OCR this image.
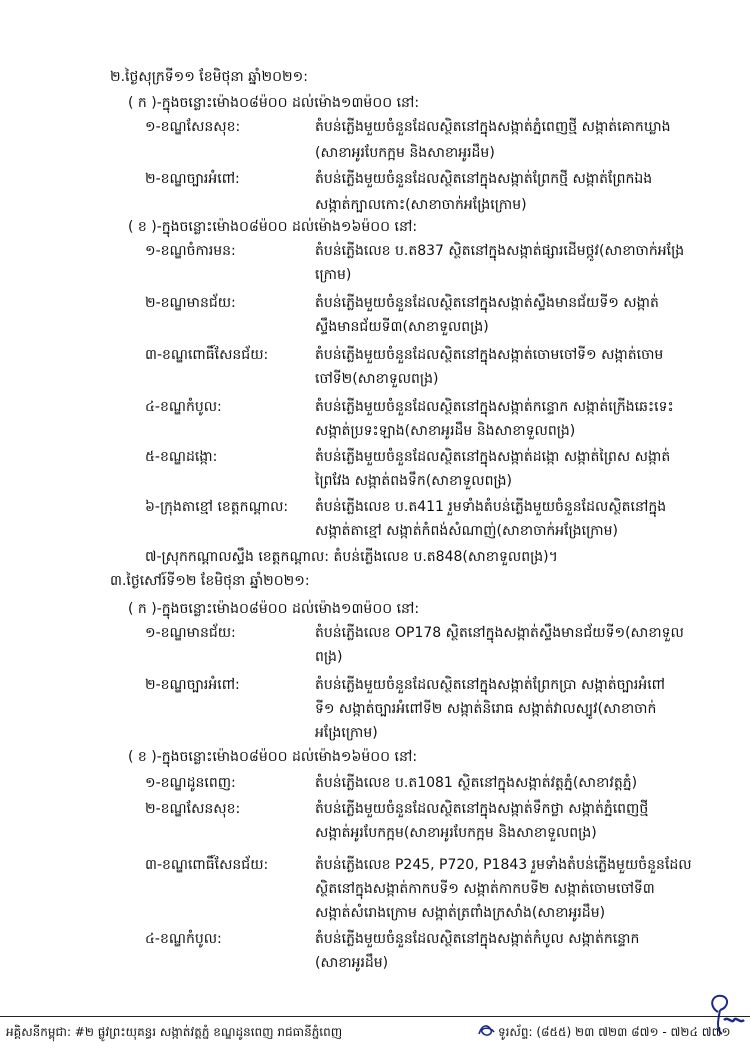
២.ថ្ងៃសុក្រទី១១ ខែមិថុនា ឆ្នាំ២០២១:
( ក )-ក្នុងចន្លោះម៉ោង០៨ម៉០០ ដល់ម៉ោង១៣ម៉០០ នៅ:
១-ខណ្ឌសែនសុខ:	តំបន់ភ្លើងមួយចំនួនដែលស្ថិតនៅក្នុងសង្កាត់ភ្នំពេញថ្មី សង្កាត់គោកឃ្លាង
(សាខាអូរបែកក្អម និងសាខាអូរដឹម)
២-ខណ្ឌច្បារអំពៅ:	តំបន់ភ្លើងមួយចំនួនដែលស្ថិតនៅក្នុងសង្កាត់ព្រែកថ្មី សង្កាត់ព្រែកឯង
សង្កាត់ក្បាលកោះ(សាខាចាក់អង្រែក្រោម)
( ខ )-ក្នុងចន្លោះម៉ោង០៨ម៉០០ ដល់ម៉ោង១៦ម៉០០ នៅ:
១-ខណ្ឌចំការមន:	តំបន់ភ្លើងលេខ ប.ត837 ស្ថិតនៅក្នុងសង្កាត់ផ្សារដើមថ្កូវ(សាខាចាក់អង្រែ
ក្រោម)
២-ខណ្ឌមានជ័យ:	តំបន់ភ្លើងមួយចំនួនដែលស្ថិតនៅក្នុងសង្កាត់ស្ទឹងមានជ័យទី១ សង្កាត់
ស្ទឹងមានជ័យទី៣(សាខាទួលពង្រ)
៣-ខណ្ឌពោធិ៍សែនជ័យ:	តំបន់ភ្លើងមួយចំនួនដែលស្ថិតនៅក្នុងសង្កាត់ចោមចៅទី១ សង្កាត់ចោម
ចៅទី២(សាខាទួលពង្រ)
៤-ខណ្ឌកំបូល:	តំបន់ភ្លើងមួយចំនួនដែលស្ថិតនៅក្នុងសង្កាត់កន្ទោក សង្កាត់ក្រើងឆេះទេះ
សង្កាត់ប្រទះឡាង(សាខាអូរដឹម និងសាខាទួលពង្រ)
៥-ខណ្ឌដង្កោ:	តំបន់ភ្លើងមួយចំនួនដែលស្ថិតនៅក្នុងសង្កាត់ដង្កោ សង្កាត់ព្រៃស សង្កាត់
ព្រៃវែង សង្កាត់ពងទឹក(សាខាទួលពង្រ)
៦-ក្រុងតាខ្មៅ ខេត្តកណ្តាល: តំបន់ភ្លើងលេខ ប.ត411 រួមទាំងតំបន់ភ្លើងមួយចំនួនដែលស្ថិតនៅក្នុង
សង្កាត់តាខ្មៅ សង្កាត់កំពង់សំណាញ់(សាខាចាក់អង្រែក្រោម)
៧-ស្រុកកណ្តាលស្ទឹង ខេត្តកណ្តាល: តំបន់ភ្លើងលេខ ប.ត848(សាខាទួលពង្រ)។
៣.ថ្ងៃសៅរ៍ទី១២ ខែមិថុនា ឆ្នាំ២០២១:
( ក )-ក្នុងចន្លោះម៉ោង០៨ម៉០០ ដល់ម៉ោង១៣ម៉០០ នៅ:
១-ខណ្ឌមានជ័យ:	តំបន់ភ្លើងលេខ OP178 ស្ថិតនៅក្នុងសង្កាត់ស្ទឹងមានជ័យទី១(សាខាទួល
ពង្រ)
២-ខណ្ឌច្បារអំពៅ:	តំបន់ភ្លើងមួយចំនួនដែលស្ថិតនៅក្នុងសង្កាត់ព្រែកប្រា សង្កាត់ច្បារអំពៅ
ទី១ សង្កាត់ច្បារអំពៅទី២ សង្កាត់និរោធ សង្កាត់វាលស្បូវ(សាខាចាក់
អង្រែក្រោម)
( ខ )-ក្នុងចន្លោះម៉ោង០៨ម៉០០ ដល់ម៉ោង១៦ម៉០០ នៅ:
១-ខណ្ឌដូនពេញ:	តំបន់ភ្លើងលេខ ប.ត1081 ស្ថិតនៅក្នុងសង្កាត់វត្តភ្នំ(សាខាវត្តភ្នំ)
២-ខណ្ឌសែនសុខ:	តំបន់ភ្លើងមួយចំនួនដែលស្ថិតនៅក្នុងសង្កាត់ទឹកថ្លា សង្កាត់ភ្នំពេញថ្មី
សង្កាត់អូរបែកក្អម(សាខាអូរបែកក្អម និងសាខាទួលពង្រ)
៣-ខណ្ឌពោធិ៍សែនជ័យ:	តំបន់ភ្លើងលេខ P245, P720, P1843 រួមទាំងតំបន់ភ្លើងមួយចំនួនដែល
ស្ថិតនៅក្នុងសង្កាត់កាកបទី១ សង្កាត់កាកបទី២ សង្កាត់ចោមចៅទី៣
សង្កាត់សំរោងក្រោម សង្កាត់ត្រពាំងក្រសាំង(សាខាអូរដឹម)
៤-ខណ្ឌកំបូល:	តំបន់ភ្លើងមួយចំនួនដែលស្ថិតនៅក្នុងសង្កាត់កំបូល សង្កាត់កន្ទោក
(សាខាអូរដឹម)
អគ្គិសនីកម្ពុជា: #២ ផ្លូវព្រះយុគន្ធរ សង្កាត់វត្តភ្នំ ខណ្ឌដូនពេញ រាជធានីភ្នំពេញ	ទូរស័ព្ទ: (៨៥៥) ២៣ ៧២៣ ៨៧១ - ៧២៤ ៧៧១
